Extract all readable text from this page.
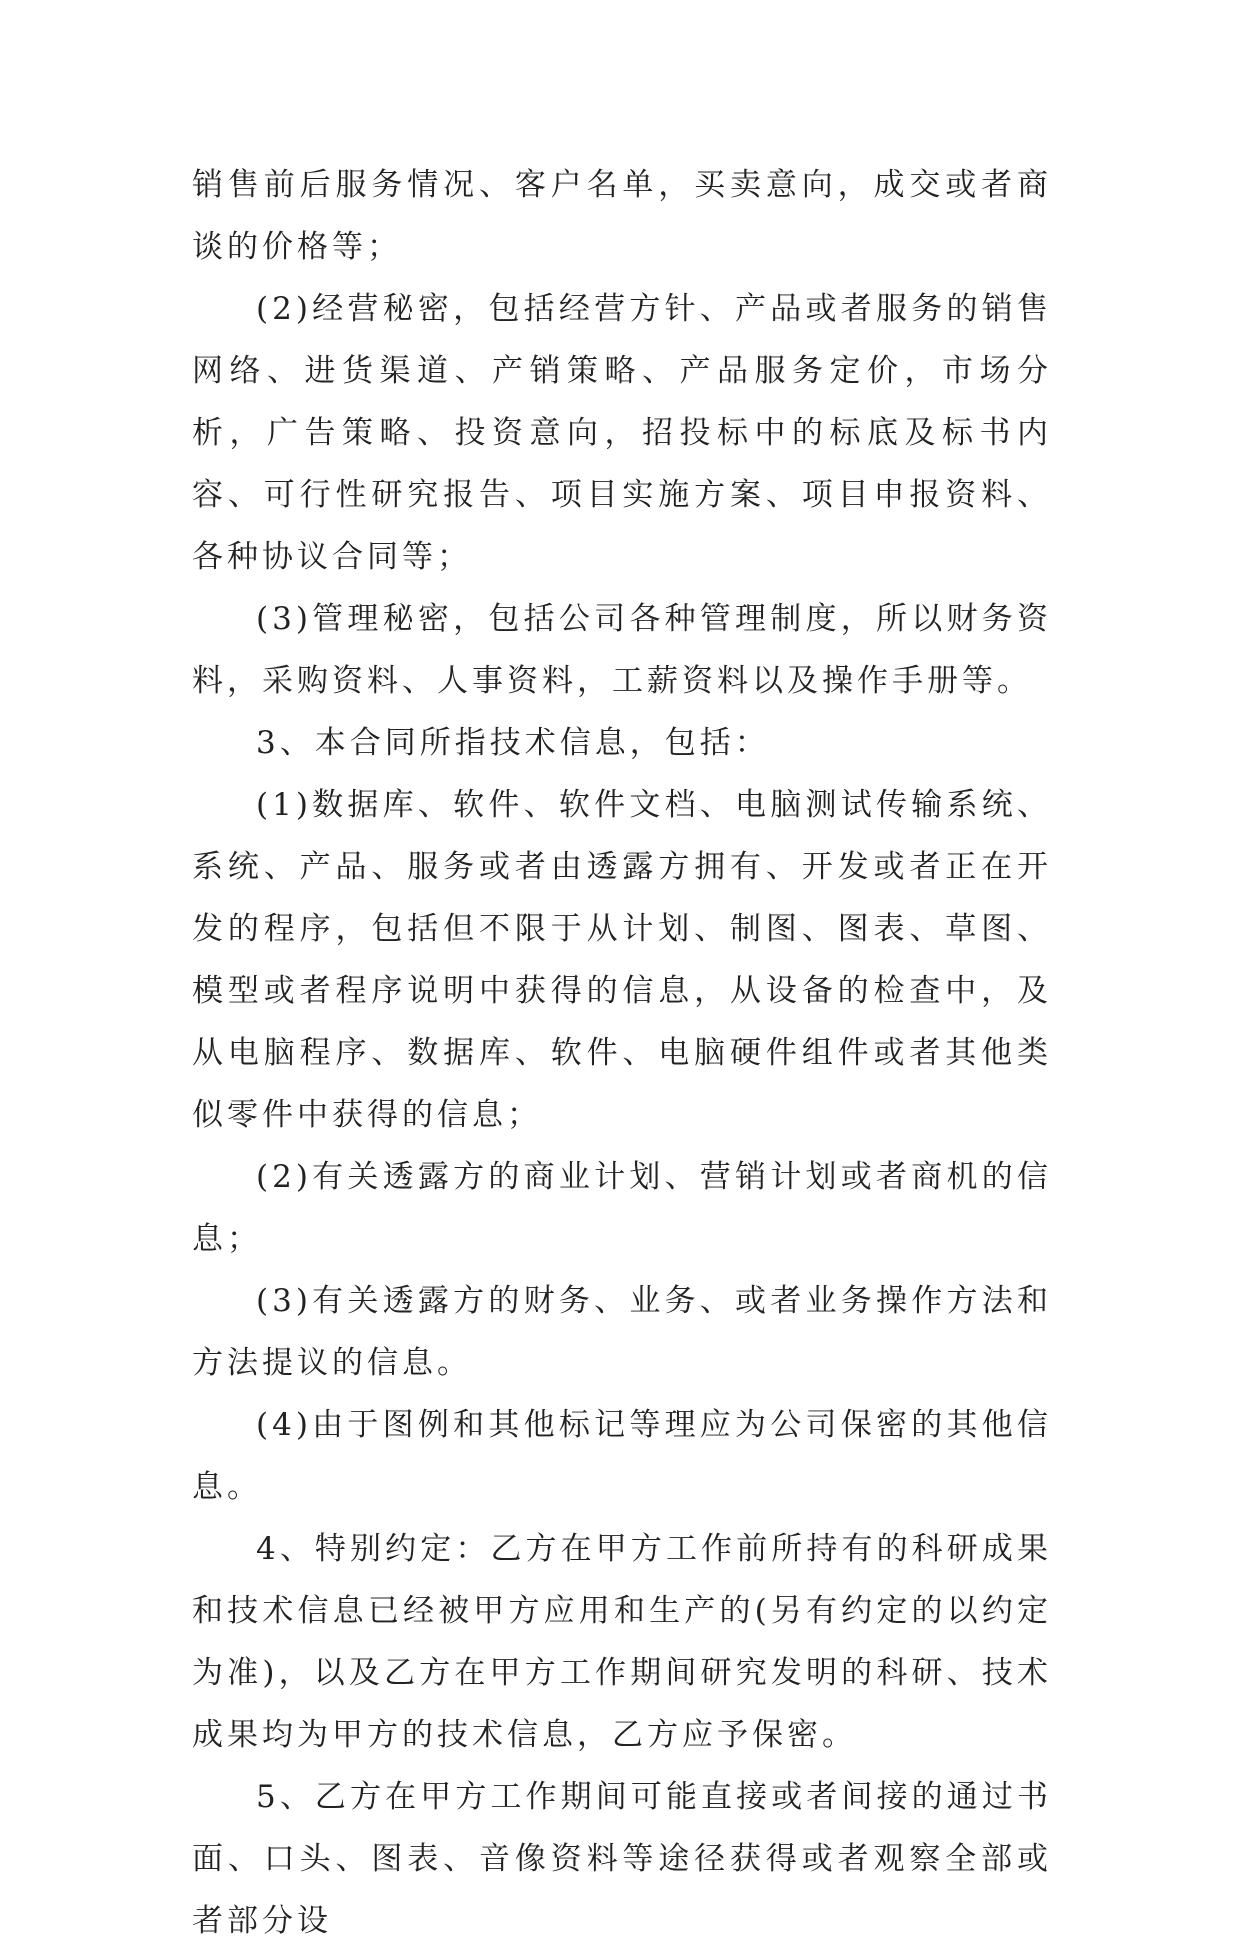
销售前后服务情况、客户名单，买卖意向，成交或者商谈的价格等；

(2)经营秘密，包括经营方针、产品或者服务的销售网络、进货渠道、产销策略、产品服务定价，市场分析，广告策略、投资意向，招投标中的标底及标书内容、可行性研究报告、项目实施方案、项目申报资料、各种协议合同等；

(3)管理秘密，包括公司各种管理制度，所以财务资料，采购资料、人事资料，工薪资料以及操作手册等。

3、本合同所指技术信息，包括：

(1)数据库、软件、软件文档、电脑测试传输系统、系统、产品、服务或者由透露方拥有、开发或者正在开发的程序，包括但不限于从计划、制图、图表、草图、模型或者程序说明中获得的信息，从设备的检查中，及从电脑程序、数据库、软件、电脑硬件组件或者其他类似零件中获得的信息；

(2)有关透露方的商业计划、营销计划或者商机的信息；

(3)有关透露方的财务、业务、或者业务操作方法和方法提议的信息。

(4)由于图例和其他标记等理应为公司保密的其他信息。

4、特别约定：乙方在甲方工作前所持有的科研成果和技术信息已经被甲方应用和生产的(另有约定的以约定为准)，以及乙方在甲方工作期间研究发明的科研、技术成果均为甲方的技术信息，乙方应予保密。

5、乙方在甲方工作期间可能直接或者间接的通过书面、口头、图表、音像资料等途径获得或者观察全部或者部分设
